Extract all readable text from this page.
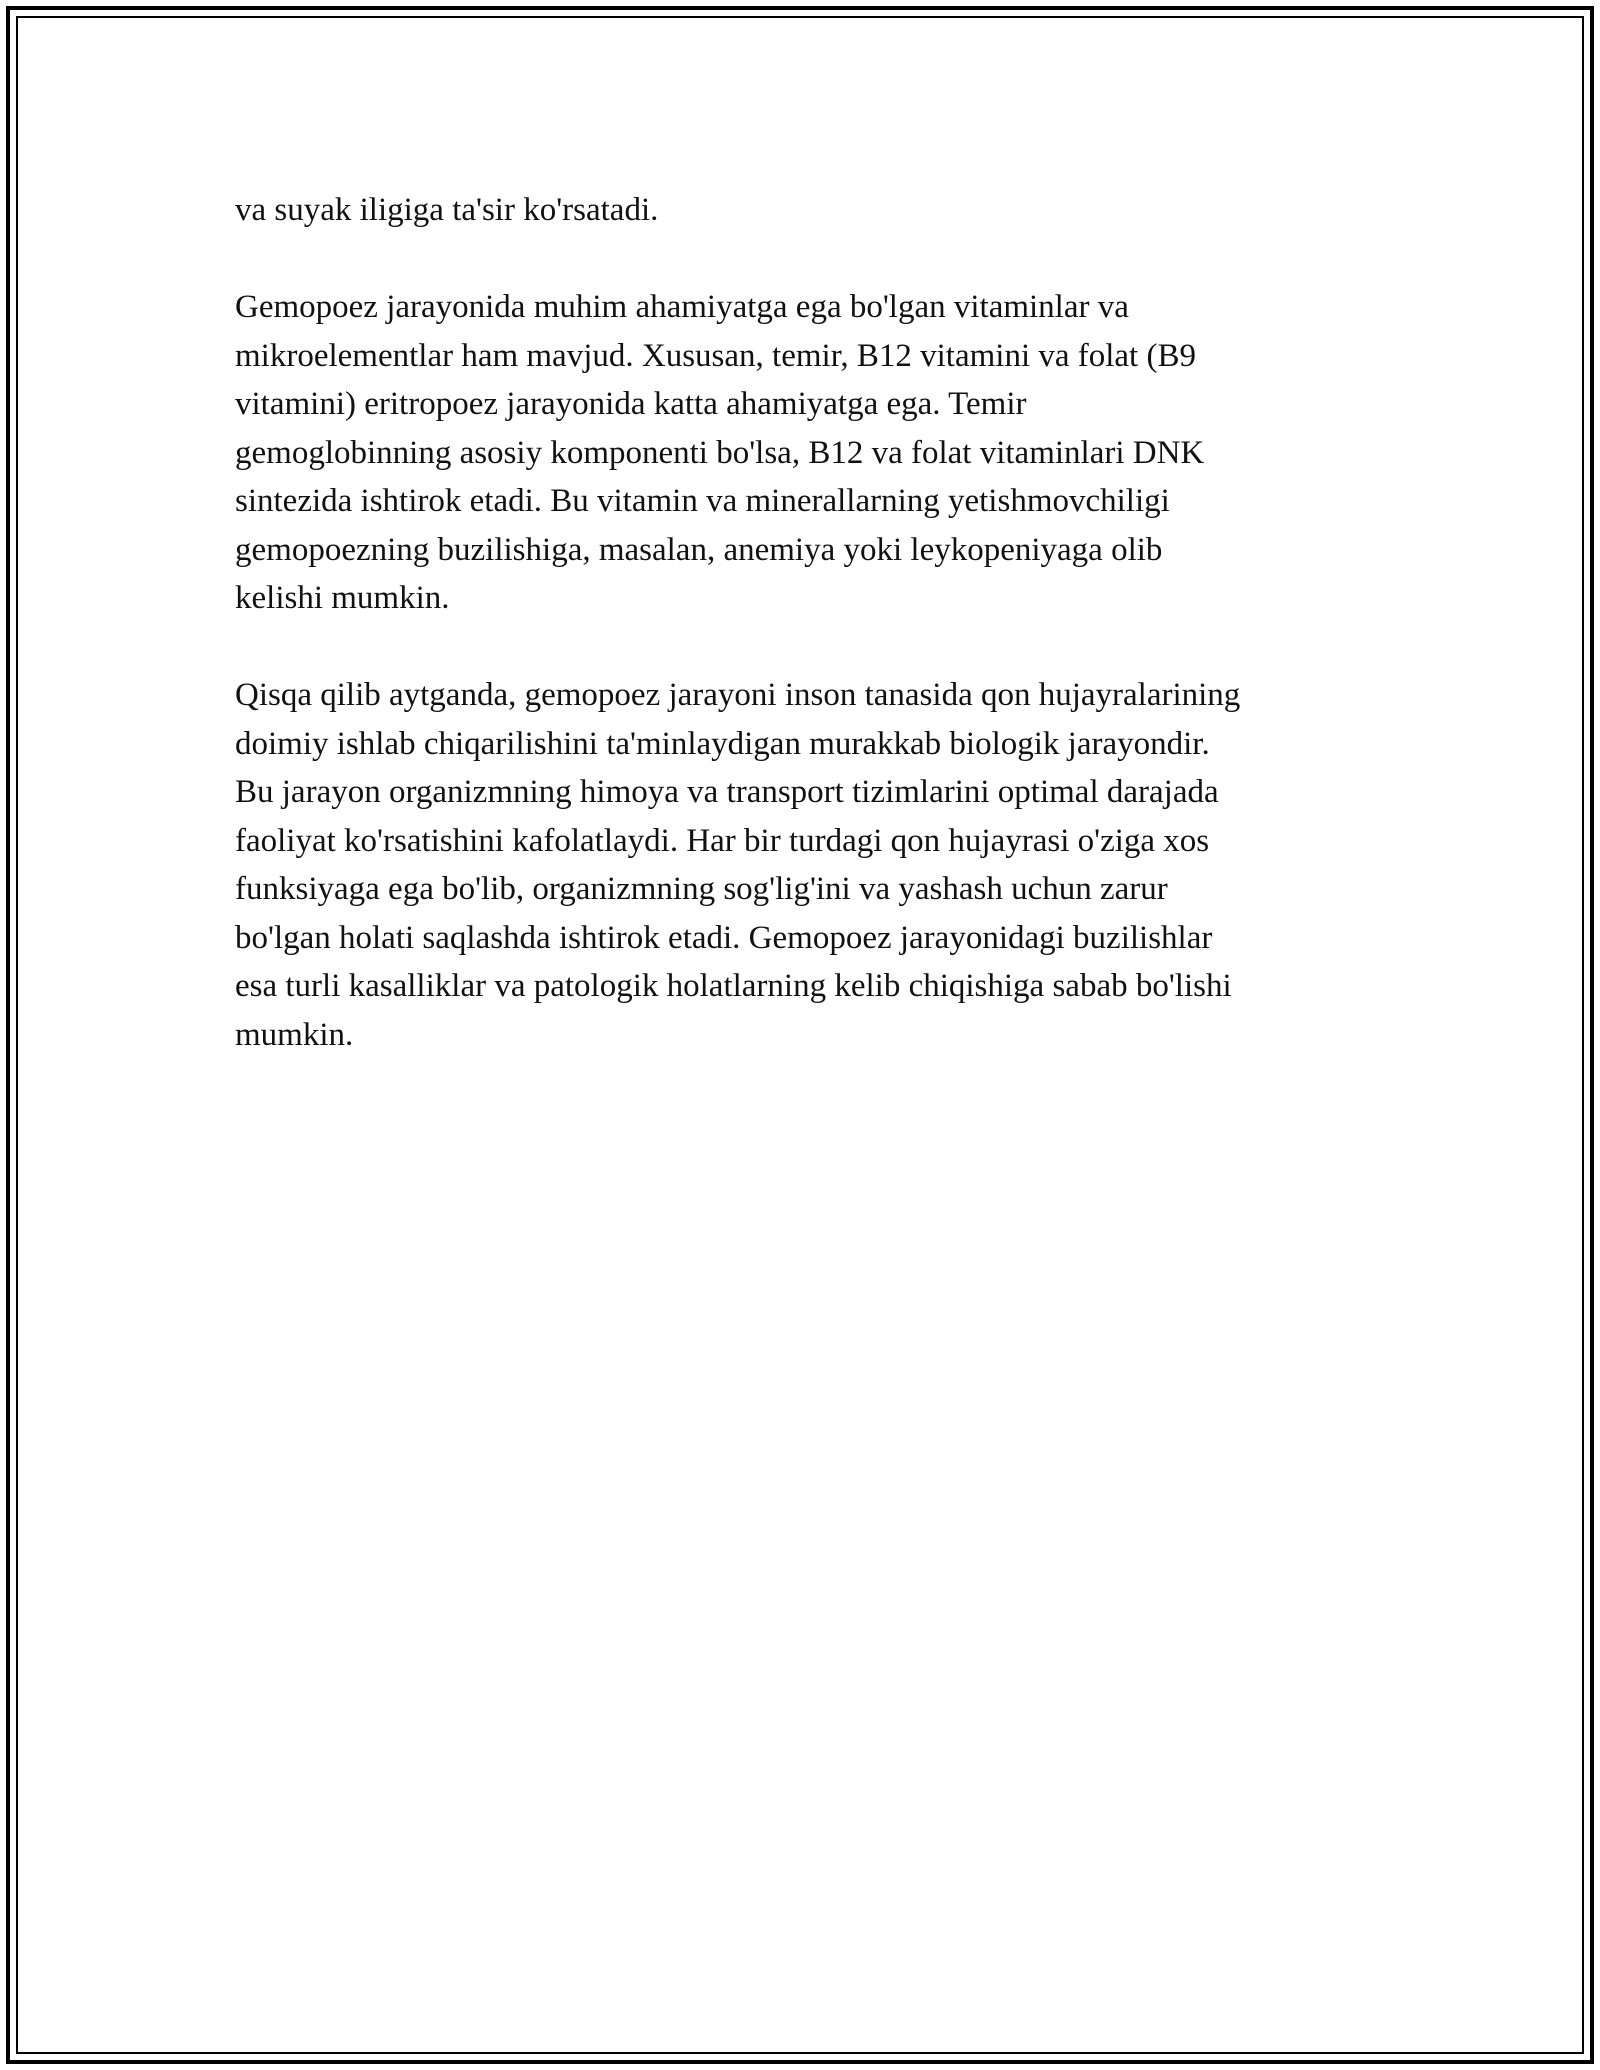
va suyak iligiga ta'sir ko'rsatadi.

Gemopoez jarayonida muhim ahamiyatga ega bo'lgan vitaminlar va
mikroelementlar ham mavjud. Xususan, temir, B12 vitamini va folat (B9
vitamini) eritropoez jarayonida katta ahamiyatga ega. Temir
gemoglobinning asosiy komponenti bo'lsa, B12 va folat vitaminlari DNK
sintezida ishtirok etadi. Bu vitamin va minerallarning yetishmovchiligi
gemopoezning buzilishiga, masalan, anemiya yoki leykopeniyaga olib
kelishi mumkin.

Qisqa qilib aytganda, gemopoez jarayoni inson tanasida qon hujayralarining
doimiy ishlab chiqarilishini ta'minlaydigan murakkab biologik jarayondir.
Bu jarayon organizmning himoya va transport tizimlarini optimal darajada
faoliyat ko'rsatishini kafolatlaydi. Har bir turdagi qon hujayrasi o'ziga xos
funksiyaga ega bo'lib, organizmning sog'lig'ini va yashash uchun zarur
bo'lgan holati saqlashda ishtirok etadi. Gemopoez jarayonidagi buzilishlar
esa turli kasalliklar va patologik holatlarning kelib chiqishiga sabab bo'lishi
mumkin.
